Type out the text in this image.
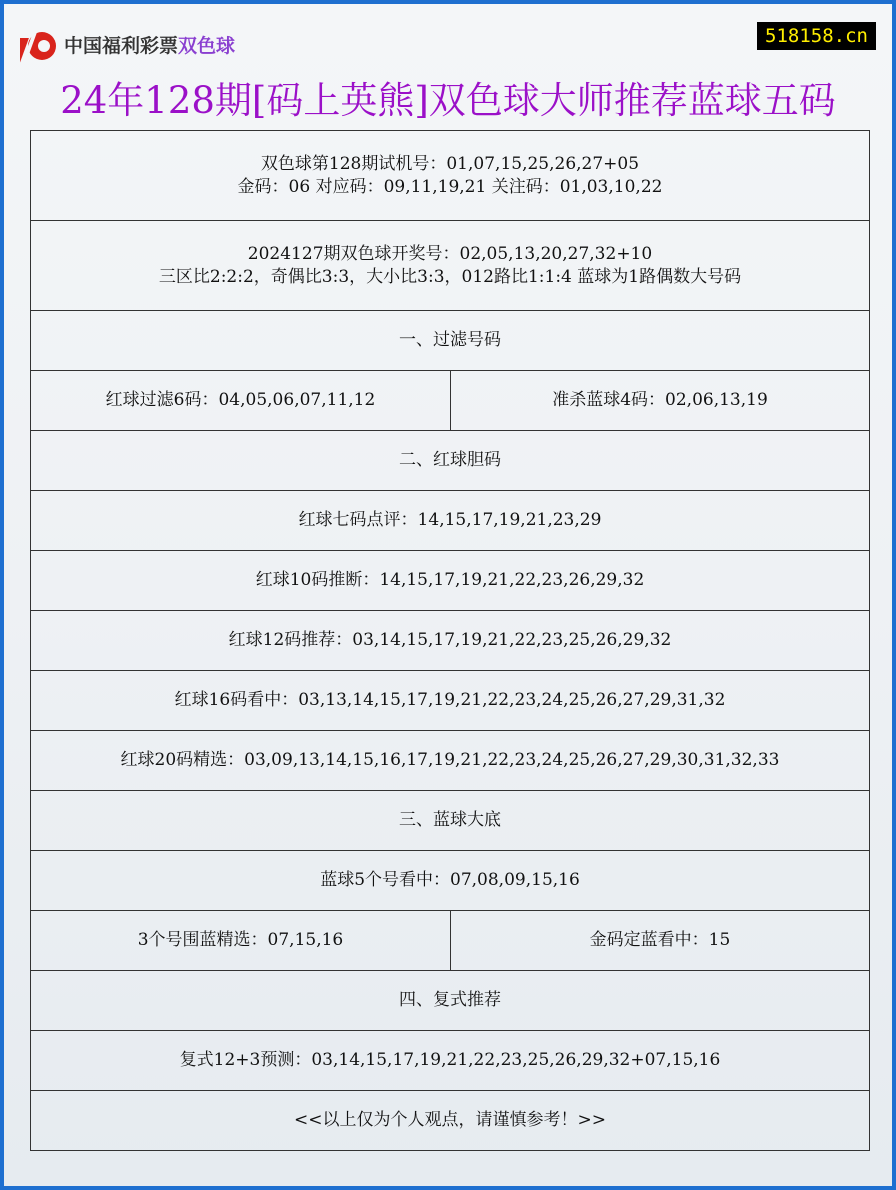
中国福利彩票双色球	518158.cn
24年128期[码上英熊]双色球大师推荐蓝球五码
双色球第128期试机号：01,07,15,25,26,27+05
金码：06 对应码：09,11,19,21 关注码：01,03,10,22	

2024127期双色球开奖号：02,05,13,20,27,32+10
三区比2:2:2，奇偶比3:3，大小比3:3，012路比1:1:4 蓝球为1路偶数大号码	

一、过滤号码	
红球过滤6码：04,05,06,07,11,12	准杀蓝球4码：02,06,13,19
二、红球胆码	
红球七码点评：14,15,17,19,21,23,29	
红球10码推断：14,15,17,19,21,22,23,26,29,32	
红球12码推荐：03,14,15,17,19,21,22,23,25,26,29,32	
红球16码看中：03,13,14,15,17,19,21,22,23,24,25,26,27,29,31,32	
红球20码精选：03,09,13,14,15,16,17,19,21,22,23,24,25,26,27,29,30,31,32,33	
三、蓝球大底	
蓝球5个号看中：07,08,09,15,16	
3个号围蓝精选：07,15,16	金码定蓝看中：15
四、复式推荐	
复式12+3预测：03,14,15,17,19,21,22,23,25,26,29,32+07,15,16	
<<以上仅为个人观点，请谨慎参考！>>	
